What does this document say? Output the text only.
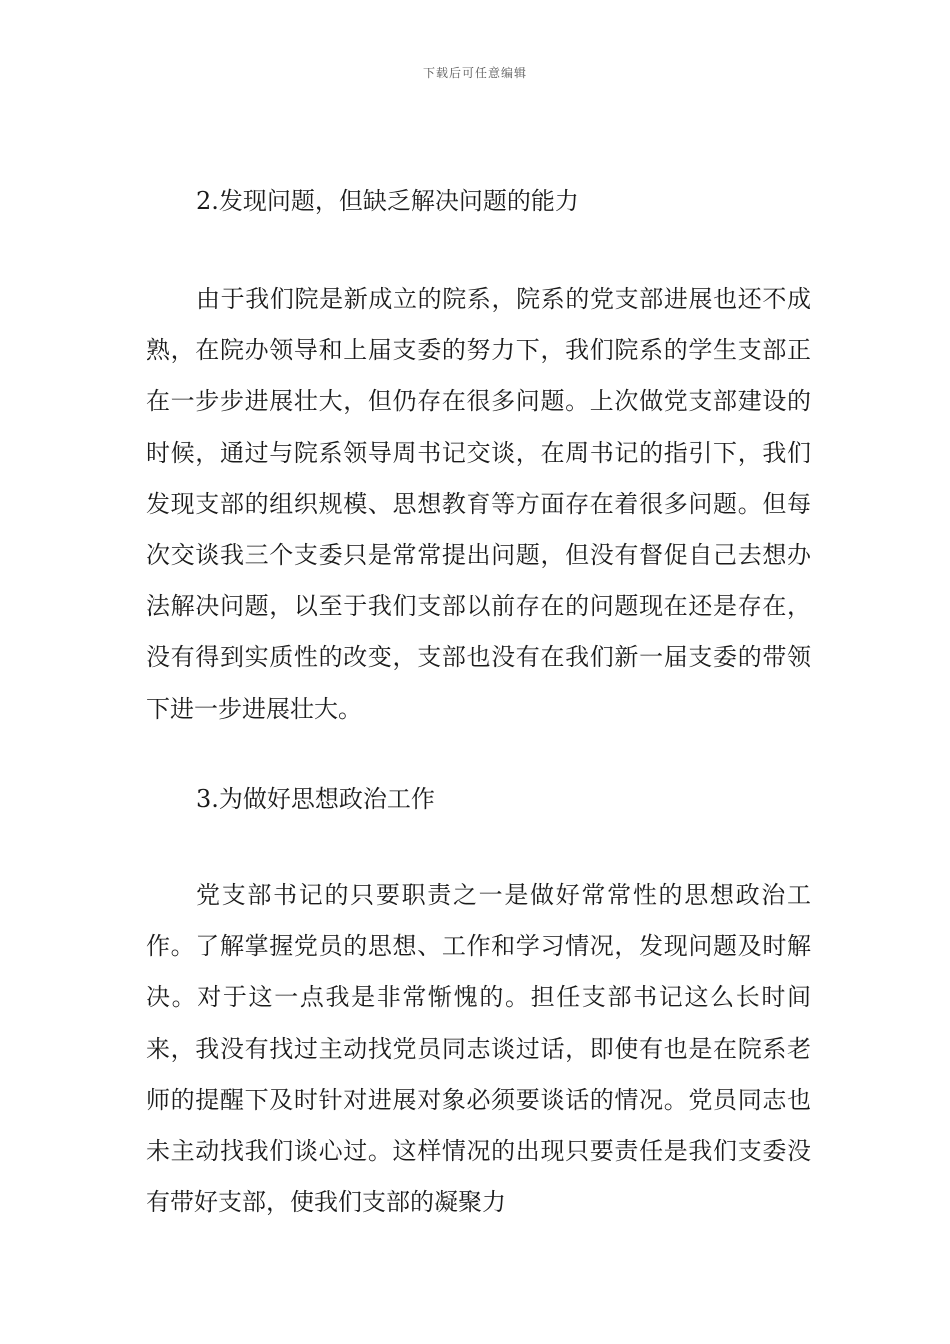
下载后可任意编辑
2.发现问题，但缺乏解决问题的能力

由于我们院是新成立的院系，院系的党支部进展也还不成熟，在院办领导和上届支委的努力下，我们院系的学生支部正在一步步进展壮大，但仍存在很多问题。上次做党支部建设的时候，通过与院系领导周书记交谈，在周书记的指引下，我们发现支部的组织规模、思想教育等方面存在着很多问题。但每次交谈我三个支委只是常常提出问题，但没有督促自己去想办法解决问题，以至于我们支部以前存在的问题现在还是存在，没有得到实质性的改变，支部也没有在我们新一届支委的带领下进一步进展壮大。

3.为做好思想政治工作

党支部书记的只要职责之一是做好常常性的思想政治工作。了解掌握党员的思想、工作和学习情况，发现问题及时解决。对于这一点我是非常惭愧的。担任支部书记这么长时间来，我没有找过主动找党员同志谈过话，即使有也是在院系老师的提醒下及时针对进展对象必须要谈话的情况。党员同志也未主动找我们谈心过。这样情况的出现只要责任是我们支委没有带好支部，使我们支部的凝聚力
